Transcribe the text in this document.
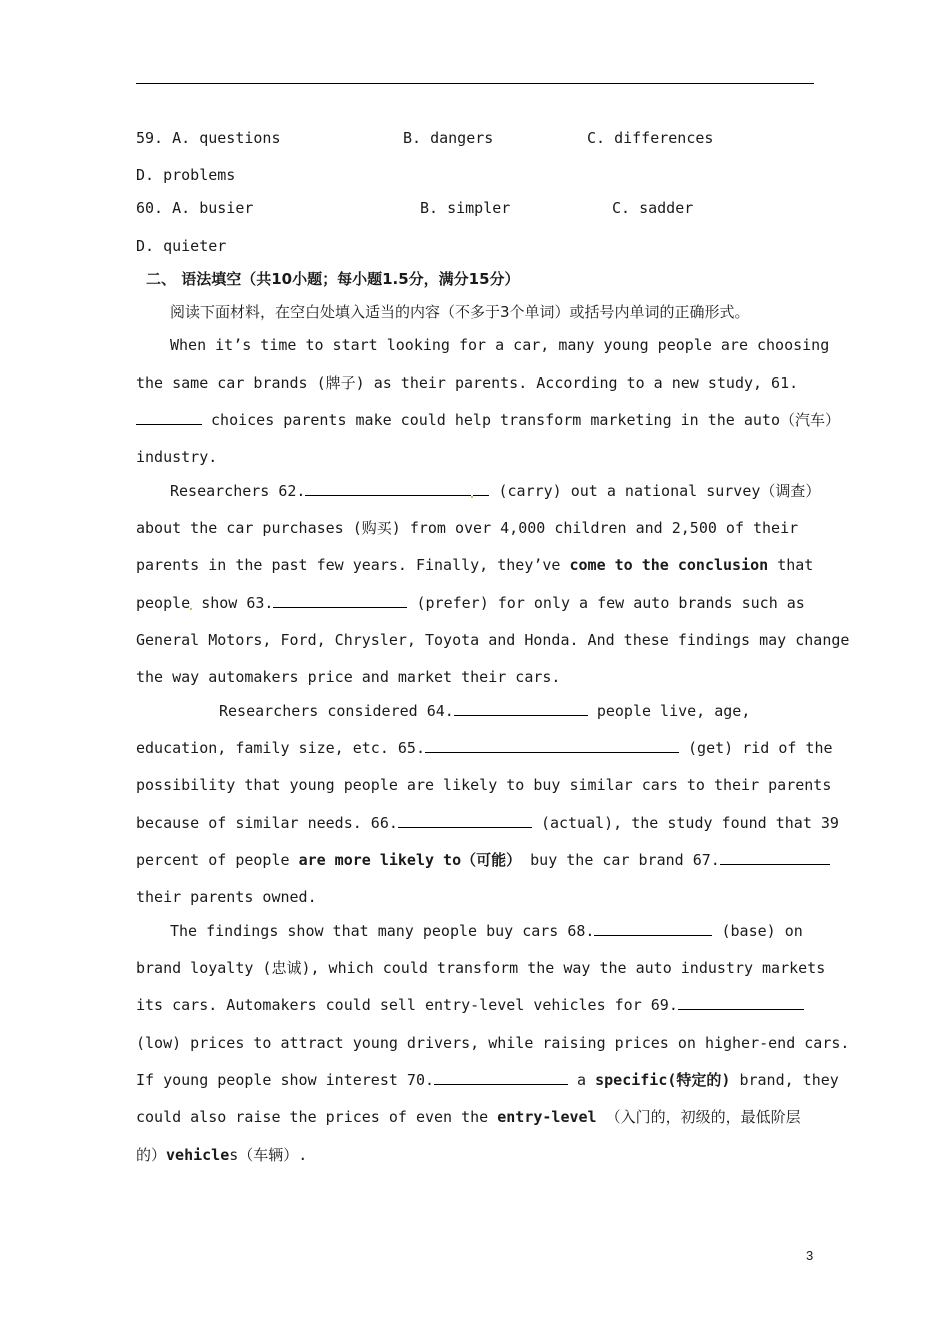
59. A. questions	B. dangers	C. differences
D. problems
60. A. busier	B. simpler	C. sadder
D. quieter
二、 语法填空（共10小题；每小题1.5分，满分15分）
阅读下面材料，在空白处填入适当的内容（不多于3个单词）或括号内单词的正确形式。
When it’s time to start looking for a car, many young people are choosing
the same car brands (牌子) as their parents. According to a new study, 61.
choices parents make could help transform marketing in the auto（汽车）
industry.
Researchers 62.	(carry) out a national survey（调查）
about the car purchases (购买) from over 4,000 children and 2,500 of their
parents in the past few years. Finally, they’ve come to the conclusion that
people show 63.	(prefer) for only a few auto brands such as
General Motors, Ford, Chrysler, Toyota and Honda. And these findings may change
the way automakers price and market their cars.
Researchers considered 64.	people live, age,
education, family size, etc. 65.	(get) rid of the
possibility that young people are likely to buy similar cars to their parents
because of similar needs. 66.	(actual), the study found that 39
percent of people are more likely to（可能） buy the car brand 67.
their parents owned.
The findings show that many people buy cars 68.	(base) on
brand loyalty (忠诚), which could transform the way the auto industry markets
its cars. Automakers could sell entry-level vehicles for 69.
(low) prices to attract young drivers, while raising prices on higher-end cars.
If young people show interest 70.	a specific(特定的) brand, they
could also raise the prices of even the entry-level （入门的，初级的，最低阶层
的）vehicles（车辆）.
3
